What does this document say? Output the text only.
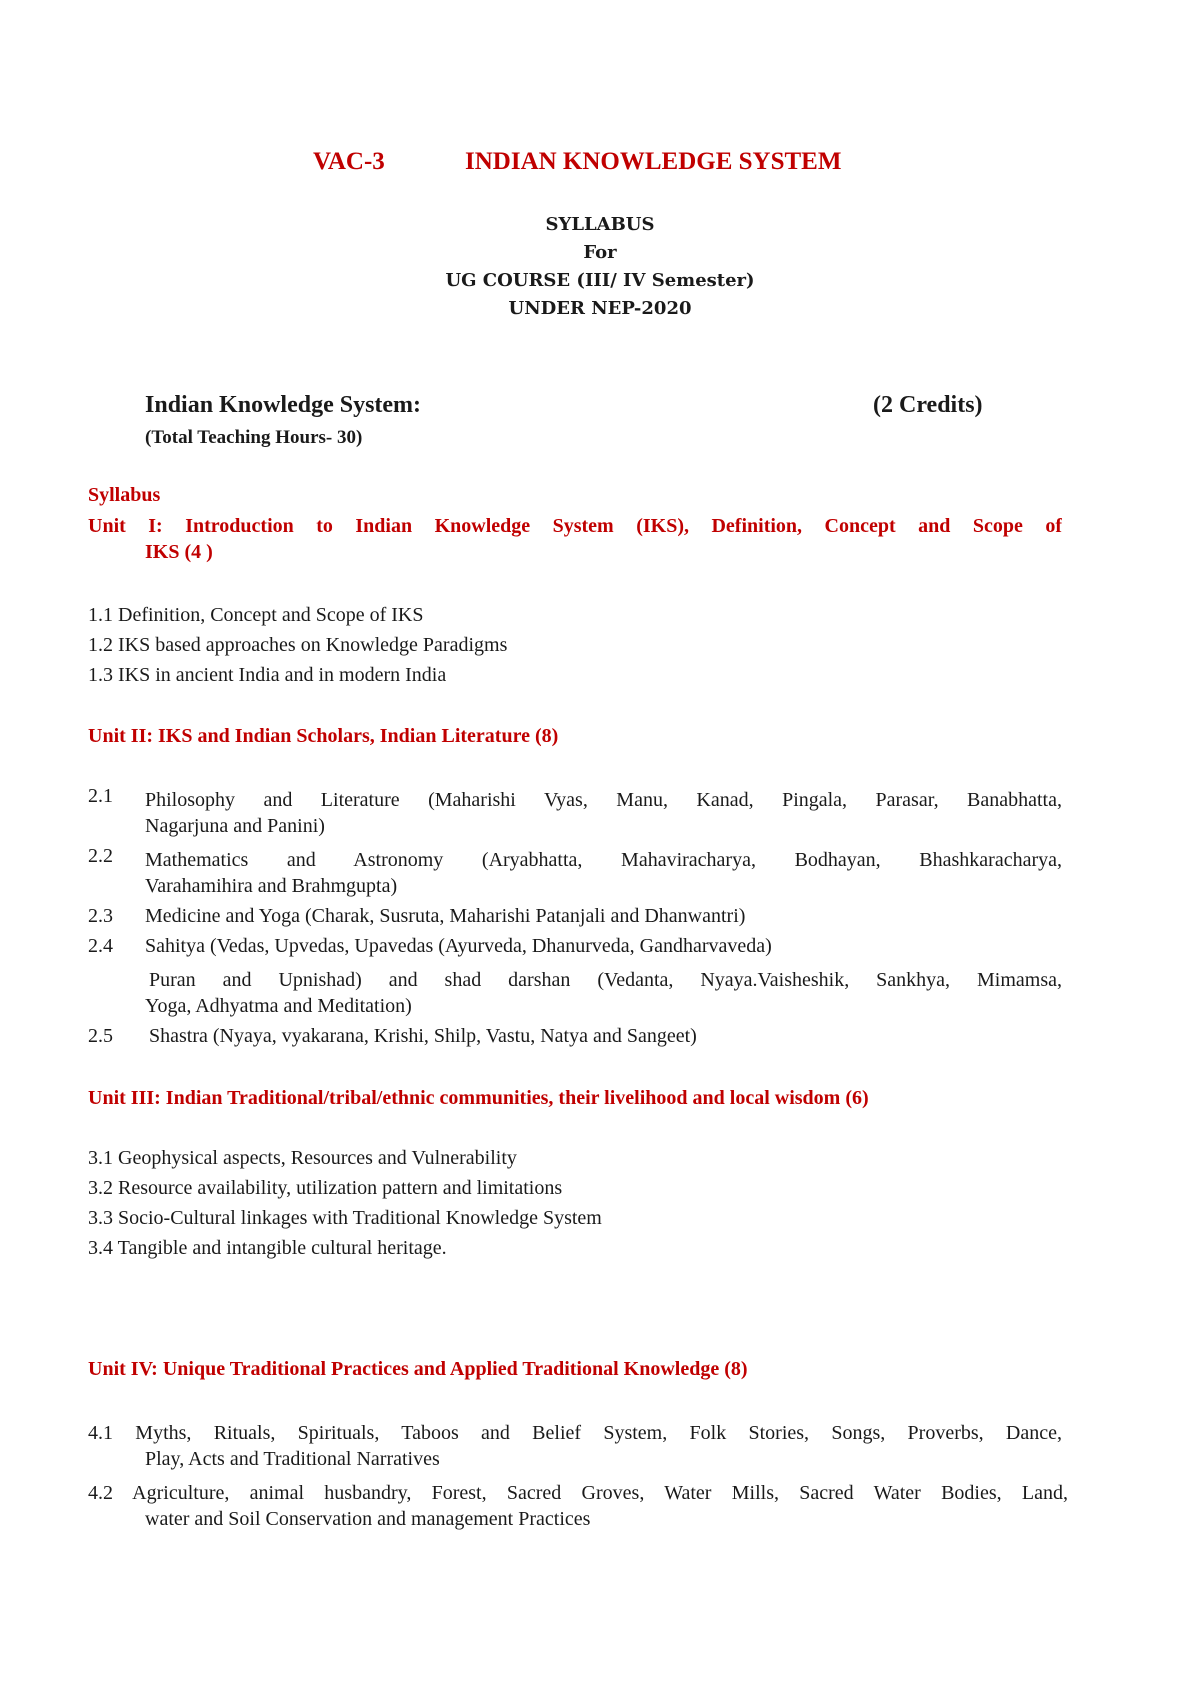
VAC-3	INDIAN KNOWLEDGE SYSTEM
SYLLABUS
For
UG COURSE (III/ IV Semester)
UNDER NEP-2020
Indian Knowledge System:	(2 Credits)
(Total Teaching Hours- 30)
Syllabus
Unit I: Introduction to Indian Knowledge System (IKS), Definition, Concept and Scope of
IKS (4 )
1.1 Definition, Concept and Scope of IKS
1.2 IKS based approaches on Knowledge Paradigms
1.3 IKS in ancient India and in modern India
Unit II: IKS and Indian Scholars, Indian Literature (8)
2.1 Philosophy and Literature (Maharishi Vyas, Manu, Kanad, Pingala, Parasar, Banabhatta,
Nagarjuna and Panini)
2.2 Mathematics and Astronomy (Aryabhatta, Mahaviracharya, Bodhayan, Bhashkaracharya,
Varahamihira and Brahmgupta)
2.3 Medicine and Yoga (Charak, Susruta, Maharishi Patanjali and Dhanwantri)
2.4 Sahitya (Vedas, Upvedas, Upavedas (Ayurveda, Dhanurveda, Gandharvaveda)
Puran and Upnishad) and shad darshan (Vedanta, Nyaya.Vaisheshik, Sankhya, Mimamsa,
Yoga, Adhyatma and Meditation)
2.5 Shastra (Nyaya, vyakarana, Krishi, Shilp, Vastu, Natya and Sangeet)
Unit III: Indian Traditional/tribal/ethnic communities, their livelihood and local wisdom (6)
3.1 Geophysical aspects, Resources and Vulnerability
3.2 Resource availability, utilization pattern and limitations
3.3 Socio-Cultural linkages with Traditional Knowledge System
3.4 Tangible and intangible cultural heritage.
Unit IV: Unique Traditional Practices and Applied Traditional Knowledge (8)
4.1 Myths, Rituals, Spirituals, Taboos and Belief System, Folk Stories, Songs, Proverbs, Dance,
Play, Acts and Traditional Narratives
4.2 Agriculture, animal husbandry, Forest, Sacred Groves, Water Mills, Sacred Water Bodies, Land,
water and Soil Conservation and management Practices
